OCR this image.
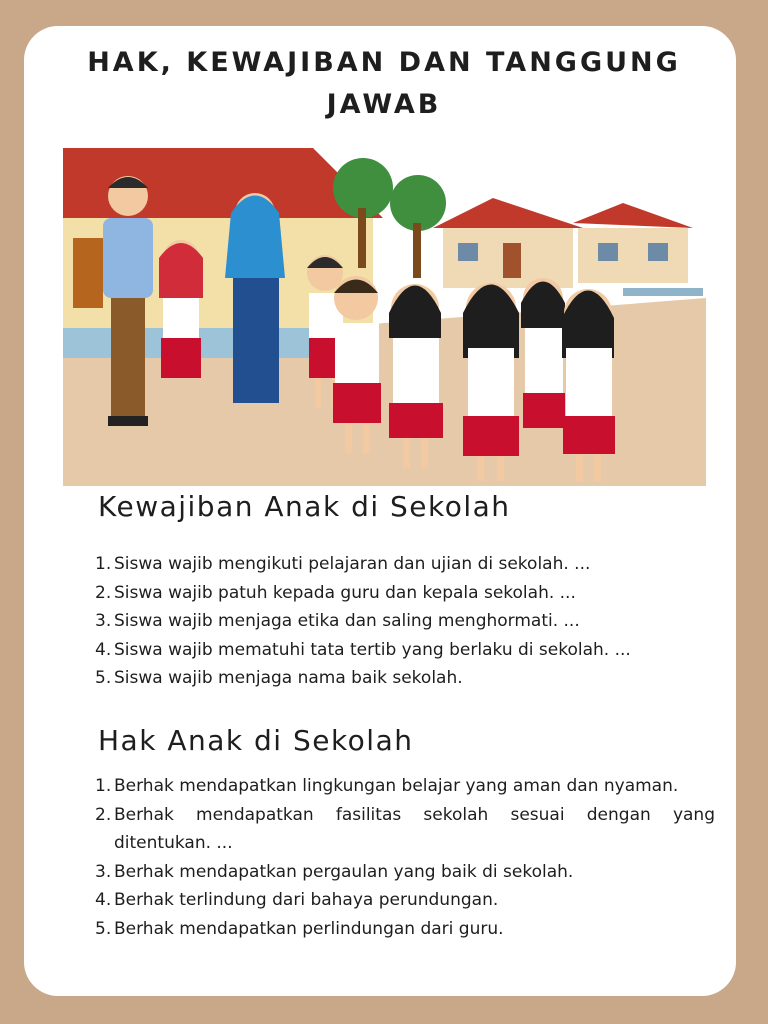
HAK, KEWAJIBAN DAN TANGGUNG JAWAB
Kewajiban Anak di Sekolah
1. Siswa wajib mengikuti pelajaran dan ujian di sekolah. ...
2. Siswa wajib patuh kepada guru dan kepala sekolah. ...
3. Siswa wajib menjaga etika dan saling menghormati. ...
4. Siswa wajib mematuhi tata tertib yang berlaku di sekolah. ...
5. Siswa wajib menjaga nama baik sekolah.
Hak Anak di Sekolah
1. Berhak mendapatkan lingkungan belajar yang aman dan nyaman.
2. Berhak mendapatkan fasilitas sekolah sesuai dengan yang ditentukan. ...
3. Berhak mendapatkan pergaulan yang baik di sekolah.
4. Berhak terlindung dari bahaya perundungan.
5. Berhak mendapatkan perlindungan dari guru.
